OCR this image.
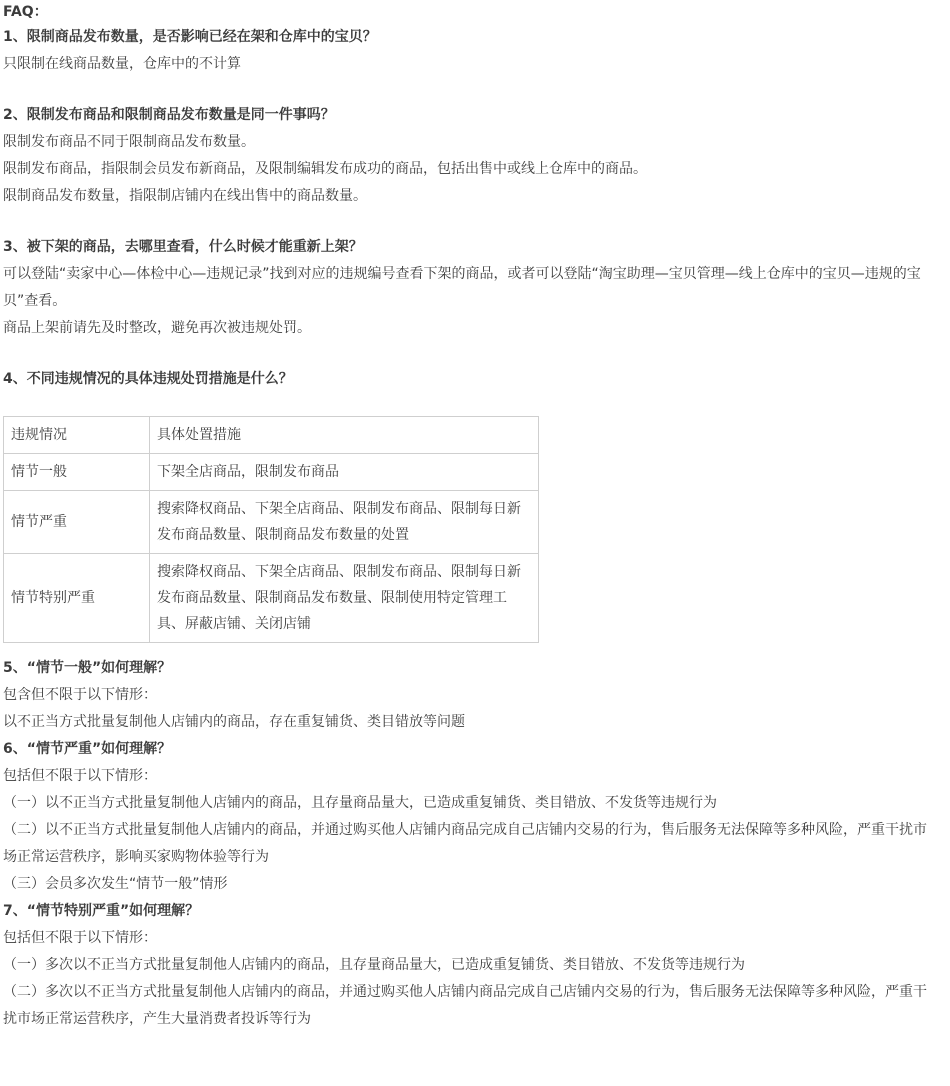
FAQ：
1、限制商品发布数量，是否影响已经在架和仓库中的宝贝？
只限制在线商品数量，仓库中的不计算
2、限制发布商品和限制商品发布数量是同一件事吗？
限制发布商品不同于限制商品发布数量。
限制发布商品，指限制会员发布新商品，及限制编辑发布成功的商品，包括出售中或线上仓库中的商品。
限制商品发布数量，指限制店铺内在线出售中的商品数量。
3、被下架的商品，去哪里查看，什么时候才能重新上架？
可以登陆“卖家中心—体检中心—违规记录”找到对应的违规编号查看下架的商品，或者可以登陆“淘宝助理—宝贝管理—线上仓库中的宝贝—违规的宝贝”查看。
商品上架前请先及时整改，避免再次被违规处罚。
4、不同违规情况的具体违规处罚措施是什么？
违规情况	具体处置措施
情节一般	下架全店商品，限制发布商品
情节严重	搜索降权商品、下架全店商品、限制发布商品、限制每日新发布商品数量、限制商品发布数量的处置
情节特别严重	搜索降权商品、下架全店商品、限制发布商品、限制每日新发布商品数量、限制商品发布数量、限制使用特定管理工具、屏蔽店铺、关闭店铺
5、“情节一般”如何理解？
包含但不限于以下情形：
以不正当方式批量复制他人店铺内的商品，存在重复铺货、类目错放等问题
6、“情节严重”如何理解？
包括但不限于以下情形：
（一）以不正当方式批量复制他人店铺内的商品，且存量商品量大，已造成重复铺货、类目错放、不发货等违规行为
（二）以不正当方式批量复制他人店铺内的商品，并通过购买他人店铺内商品完成自己店铺内交易的行为，售后服务无法保障等多种风险，严重干扰市场正常运营秩序，影响买家购物体验等行为
（三）会员多次发生“情节一般”情形
7、“情节特别严重”如何理解？
包括但不限于以下情形：
（一）多次以不正当方式批量复制他人店铺内的商品，且存量商品量大，已造成重复铺货、类目错放、不发货等违规行为
（二）多次以不正当方式批量复制他人店铺内的商品，并通过购买他人店铺内商品完成自己店铺内交易的行为，售后服务无法保障等多种风险，严重干扰市场正常运营秩序，产生大量消费者投诉等行为
